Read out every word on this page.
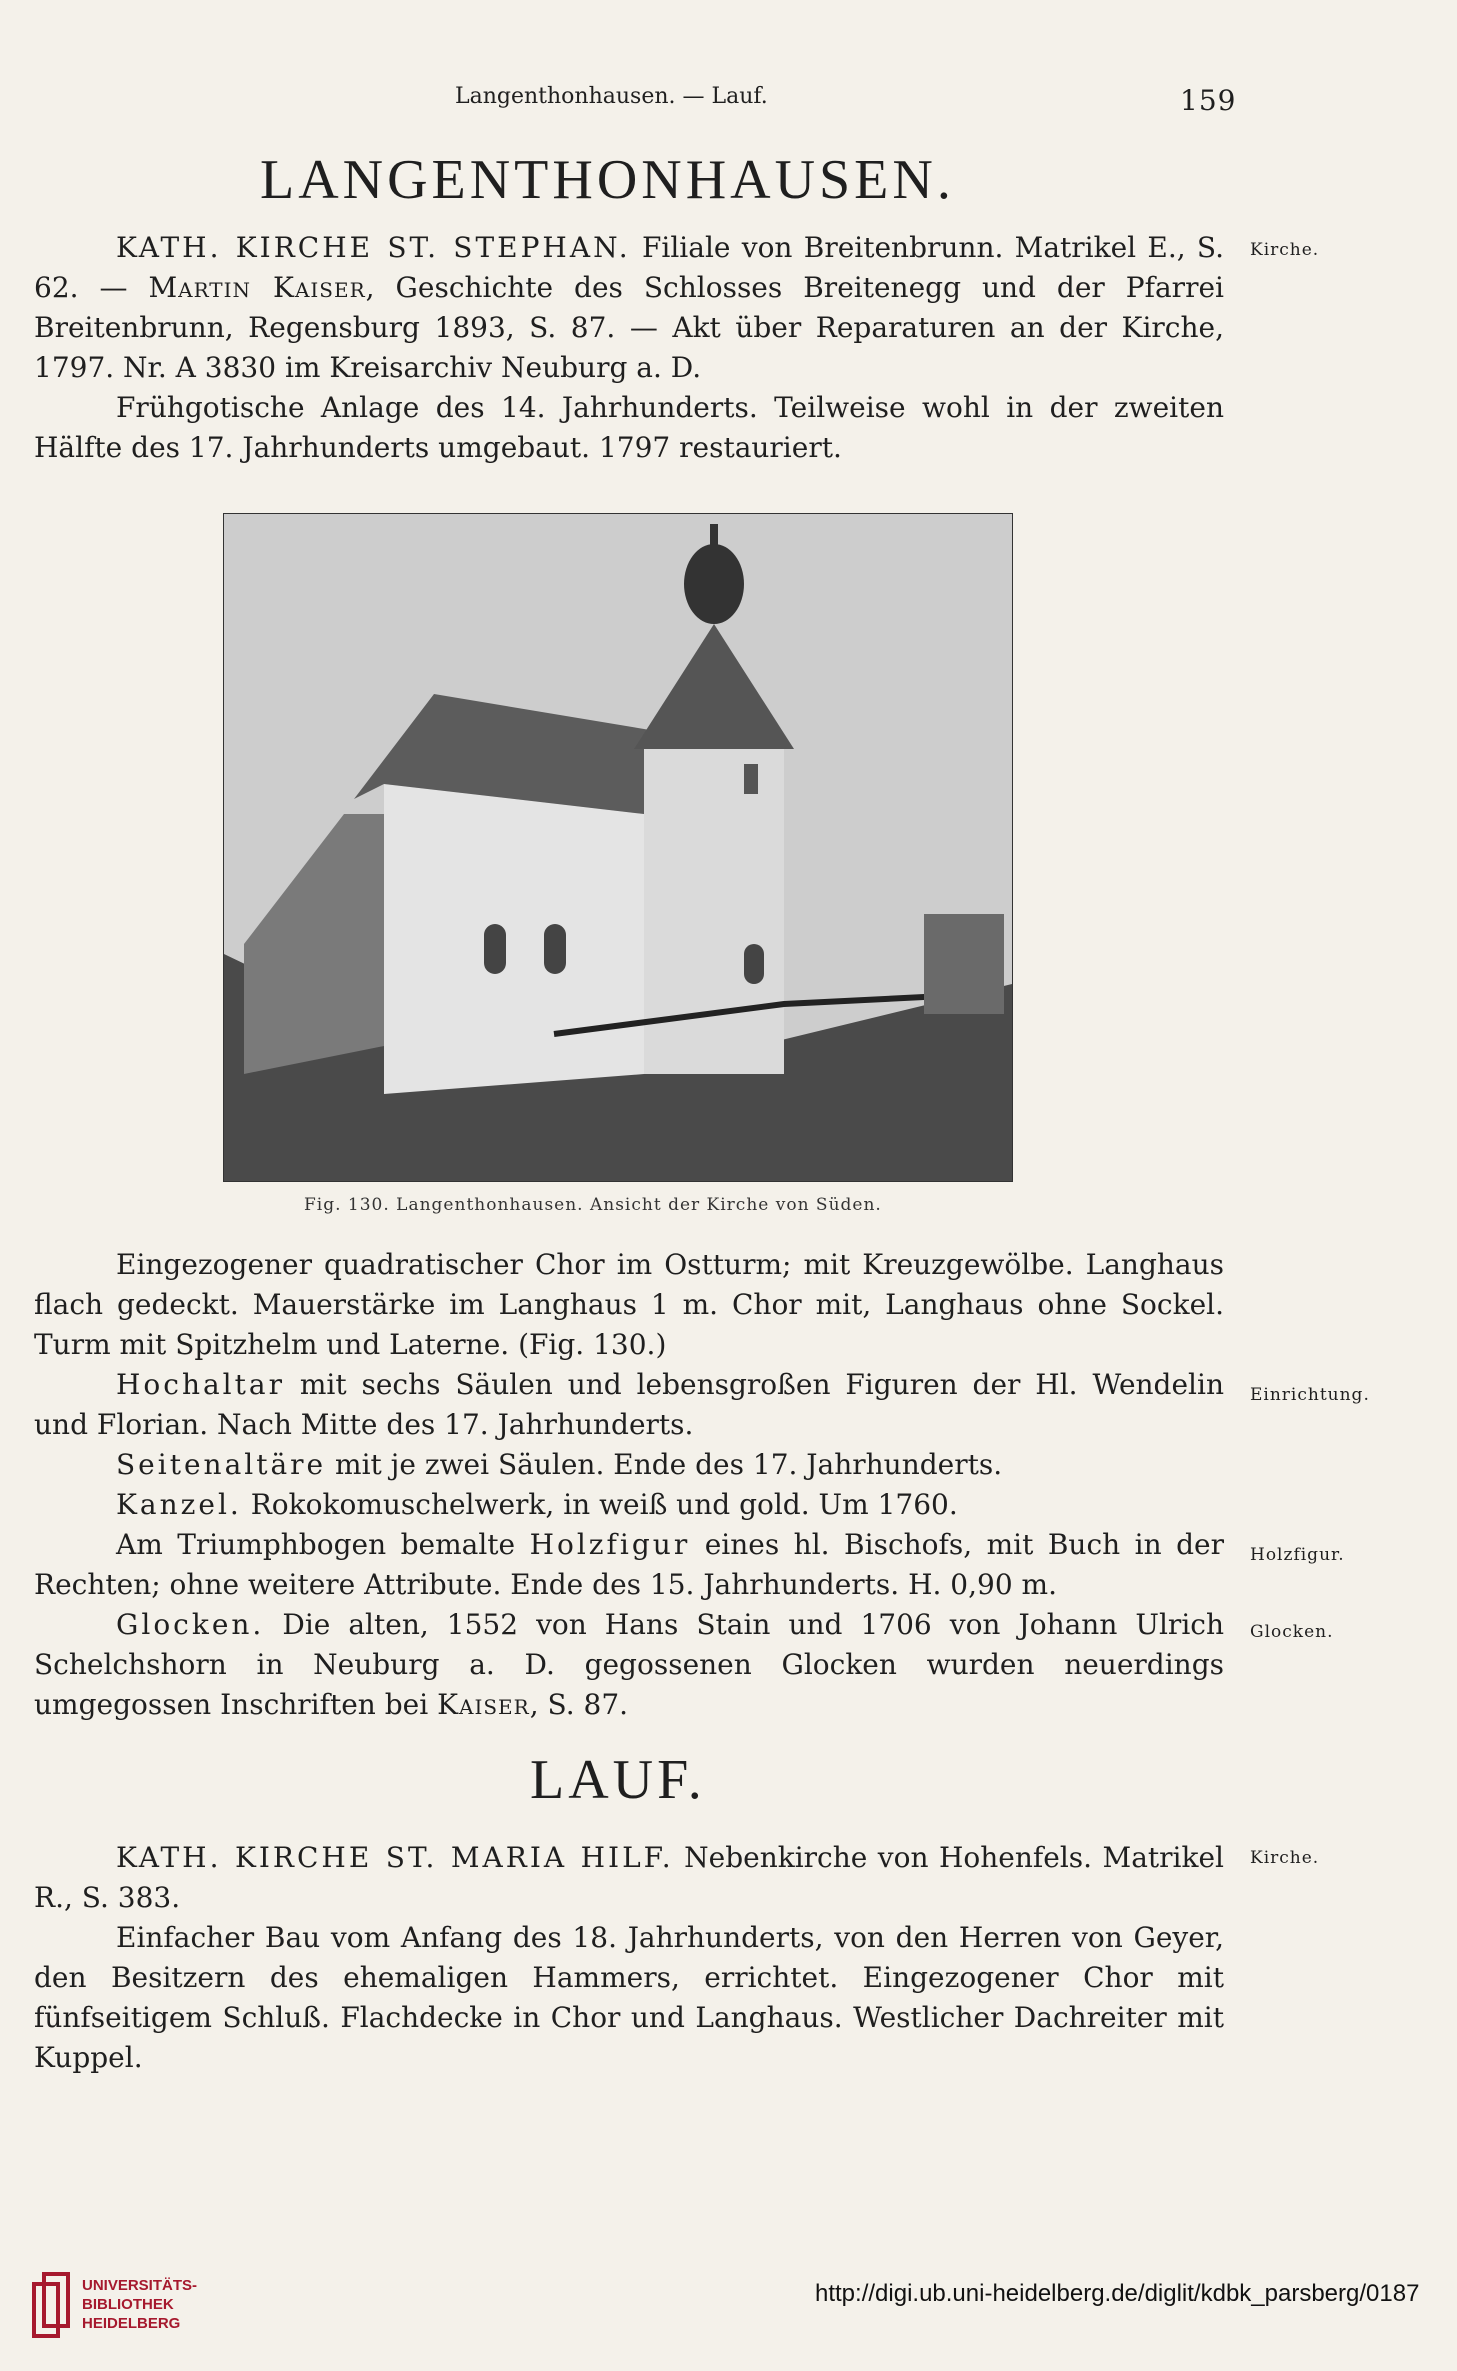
Langenthonhausen. — Lauf.	159
LANGENTHONHAUSEN.

KATH. KIRCHE ST. STEPHAN. Filiale von Breitenbrunn. Matrikel E., S. 62. — Martin Kaiser, Geschichte des Schlosses Breitenegg und der Pfarrei Breitenbrunn, Regensburg 1893, S. 87. — Akt über Reparaturen an der Kirche, 1797. Nr. A 3830 im Kreisarchiv Neuburg a. D.

Frühgotische Anlage des 14. Jahrhunderts. Teilweise wohl in der zweiten Hälfte des 17. Jahrhunderts umgebaut. 1797 restauriert.

Kirche.
Fig. 130. Langenthonhausen. Ansicht der Kirche von Süden.

Eingezogener quadratischer Chor im Ostturm; mit Kreuzgewölbe. Langhaus flach gedeckt. Mauerstärke im Langhaus 1 m. Chor mit, Langhaus ohne Sockel. Turm mit Spitzhelm und Laterne. (Fig. 130.)

Hochaltar mit sechs Säulen und lebensgroßen Figuren der Hl. Wendelin und Florian. Nach Mitte des 17. Jahrhunderts.

Seitenaltäre mit je zwei Säulen. Ende des 17. Jahrhunderts.

Kanzel. Rokokomuschelwerk, in weiß und gold. Um 1760.

Am Triumphbogen bemalte Holzfigur eines hl. Bischofs, mit Buch in der Rechten; ohne weitere Attribute. Ende des 15. Jahrhunderts. H. 0,90 m.

Glocken. Die alten, 1552 von Hans Stain und 1706 von Johann Ulrich Schelchshorn in Neuburg a. D. gegossenen Glocken wurden neuerdings umgegossen Inschriften bei Kaiser, S. 87.

Einrichtung.
Holzfigur.
Glocken.
LAUF.

KATH. KIRCHE ST. MARIA HILF. Nebenkirche von Hohenfels. Matrikel R., S. 383.

Einfacher Bau vom Anfang des 18. Jahrhunderts, von den Herren von Geyer, den Besitzern des ehemaligen Hammers, errichtet. Eingezogener Chor mit fünfseitigem Schluß. Flachdecke in Chor und Langhaus. Westlicher Dachreiter mit Kuppel.

Kirche.
UNIVERSITÄTS-
BIBLIOTHEK
HEIDELBERG
http://digi.ub.uni-heidelberg.de/diglit/kdbk_parsberg/0187
